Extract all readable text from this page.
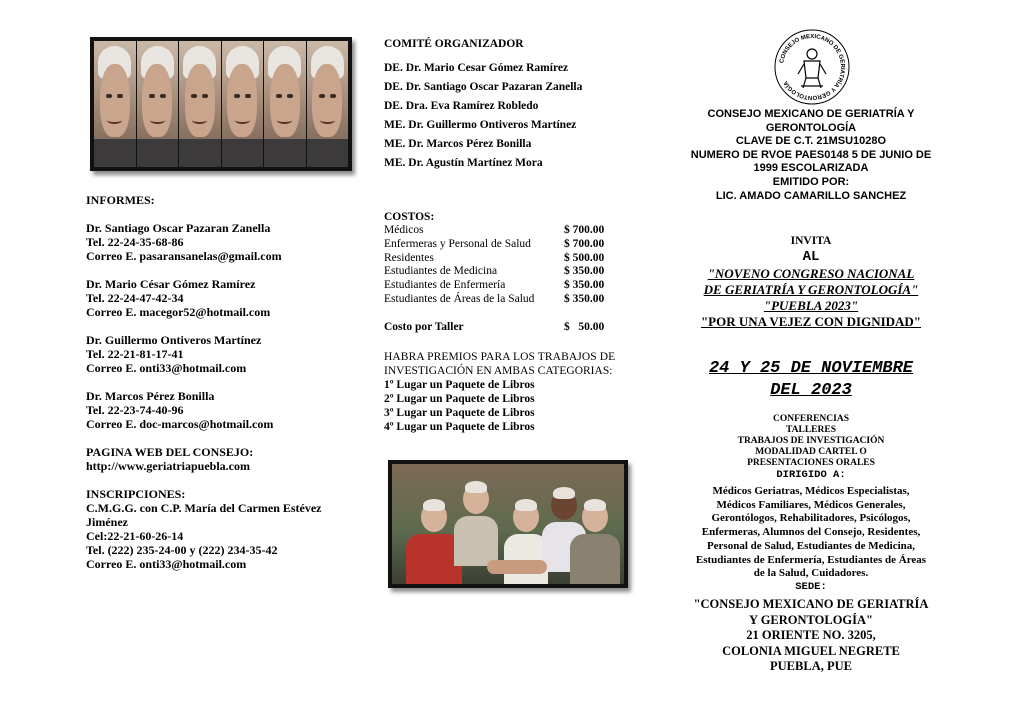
INFORMES:
Dr. Santiago Oscar Pazaran Zanella
Tel. 22-24-35-68-86
Correo E. pasaransanelas@gmail.com
Dr. Mario César Gómez Ramírez
Tel. 22-24-47-42-34
Correo E. macegor52@hotmail.com
Dr. Guillermo Ontiveros Martínez
Tel. 22-21-81-17-41
Correo E. onti33@hotmail.com
Dr. Marcos Pérez Bonilla
Tel. 22-23-74-40-96
Correo E. doc-marcos@hotmail.com
PAGINA WEB DEL CONSEJO:
http://www.geriatriapuebla.com
INSCRIPCIONES:
C.M.G.G. con C.P. María del Carmen Estévez
Jiménez
Cel:22-21-60-26-14
Tel. (222) 235-24-00 y (222) 234-35-42
Correo E. onti33@hotmail.com
COMITÉ ORGANIZADOR
DE. Dr. Mario Cesar Gómez Ramírez
DE. Dr. Santiago Oscar Pazaran Zanella
DE. Dra. Eva Ramírez Robledo
ME. Dr. Guillermo Ontiveros Martínez
ME. Dr. Marcos Pérez Bonilla
ME. Dr. Agustín Martínez Mora
COSTOS:
Médicos	$ 700.00
Enfermeras y Personal de Salud	$ 700.00
Residentes	$ 500.00
Estudiantes de Medicina	$ 350.00
Estudiantes de Enfermería	$ 350.00
Estudiantes de Áreas de la Salud	$ 350.00

Costo por Taller	$   50.00
HABRA PREMIOS PARA LOS TRABAJOS DE
INVESTIGACIÓN EN AMBAS CATEGORIAS:
1º Lugar un Paquete de Libros
2º Lugar un Paquete de Libros
3º Lugar un Paquete de Libros
4º Lugar un Paquete de Libros
CONSEJO MEXICANO DE GERIATRÍA Y GERONTOLOGÍA
CONSEJO MEXICANO DE GERIATRÍA Y
GERONTOLOGÍA
CLAVE DE C.T. 21MSU1028O
NUMERO DE RVOE PAES0148 5 DE JUNIO DE
1999 ESCOLARIZADA
EMITIDO POR:
LIC. AMADO CAMARILLO SANCHEZ
INVITA
AL
"NOVENO CONGRESO NACIONAL
DE GERIATRÍA Y GERONTOLOGÍA"
"PUEBLA 2023"
"POR UNA VEJEZ CON DIGNIDAD"
24 Y 25 DE NOVIEMBRE
DEL 2023
CONFERENCIAS
TALLERES
TRABAJOS DE INVESTIGACIÓN
MODALIDAD CARTEL O
PRESENTACIONES ORALES
DIRIGIDO A:
Médicos Geriatras, Médicos Especialistas,
Médicos Familiares, Médicos Generales,
Gerontólogos, Rehabilitadores, Psicólogos,
Enfermeras, Alumnos del Consejo, Residentes,
Personal de Salud, Estudiantes de Medicina,
Estudiantes de Enfermería, Estudiantes de Áreas
de la Salud, Cuidadores.
SEDE:
"CONSEJO MEXICANO DE GERIATRÍA
Y GERONTOLOGÍA"
21 ORIENTE NO. 3205,
COLONIA MIGUEL NEGRETE
PUEBLA, PUE
